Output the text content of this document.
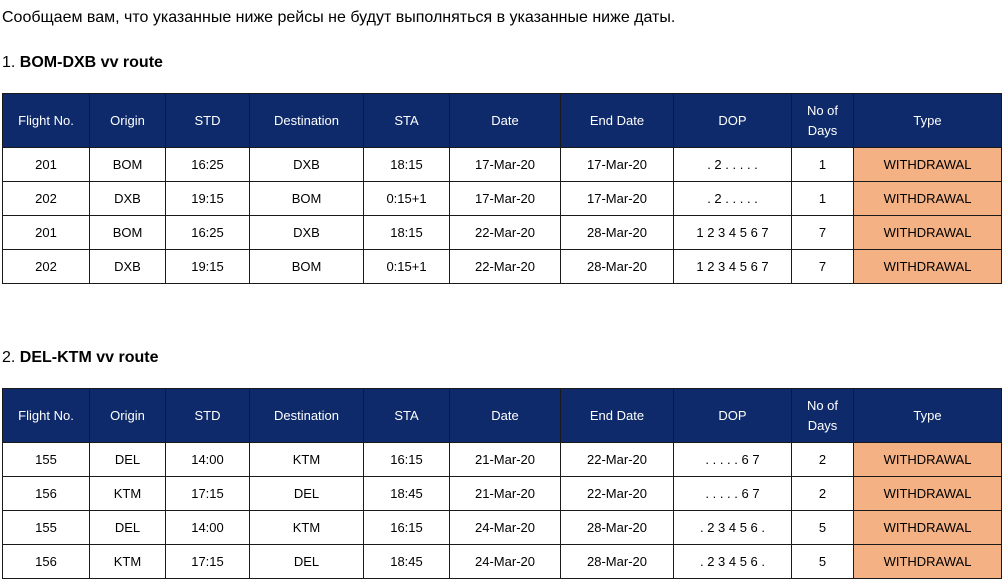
Сообщаем вам, что указанные ниже рейсы не будут выполняться в указанные ниже даты.
1. BOM-DXB vv route
Flight No.	Origin	STD	Destination	STA	Date	End Date	DOP	No of Days	Type
201	BOM	16:25	DXB	18:15	17-Mar-20	17-Mar-20	. 2 . . . . .	1	WITHDRAWAL
202	DXB	19:15	BOM	0:15+1	17-Mar-20	17-Mar-20	. 2 . . . . .	1	WITHDRAWAL
201	BOM	16:25	DXB	18:15	22-Mar-20	28-Mar-20	1 2 3 4 5 6 7	7	WITHDRAWAL
202	DXB	19:15	BOM	0:15+1	22-Mar-20	28-Mar-20	1 2 3 4 5 6 7	7	WITHDRAWAL
2. DEL-KTM vv route
Flight No.	Origin	STD	Destination	STA	Date	End Date	DOP	No of Days	Type
155	DEL	14:00	KTM	16:15	21-Mar-20	22-Mar-20	. . . . . 6 7	2	WITHDRAWAL
156	KTM	17:15	DEL	18:45	21-Mar-20	22-Mar-20	. . . . . 6 7	2	WITHDRAWAL
155	DEL	14:00	KTM	16:15	24-Mar-20	28-Mar-20	. 2 3 4 5 6 .	5	WITHDRAWAL
156	KTM	17:15	DEL	18:45	24-Mar-20	28-Mar-20	. 2 3 4 5 6 .	5	WITHDRAWAL
